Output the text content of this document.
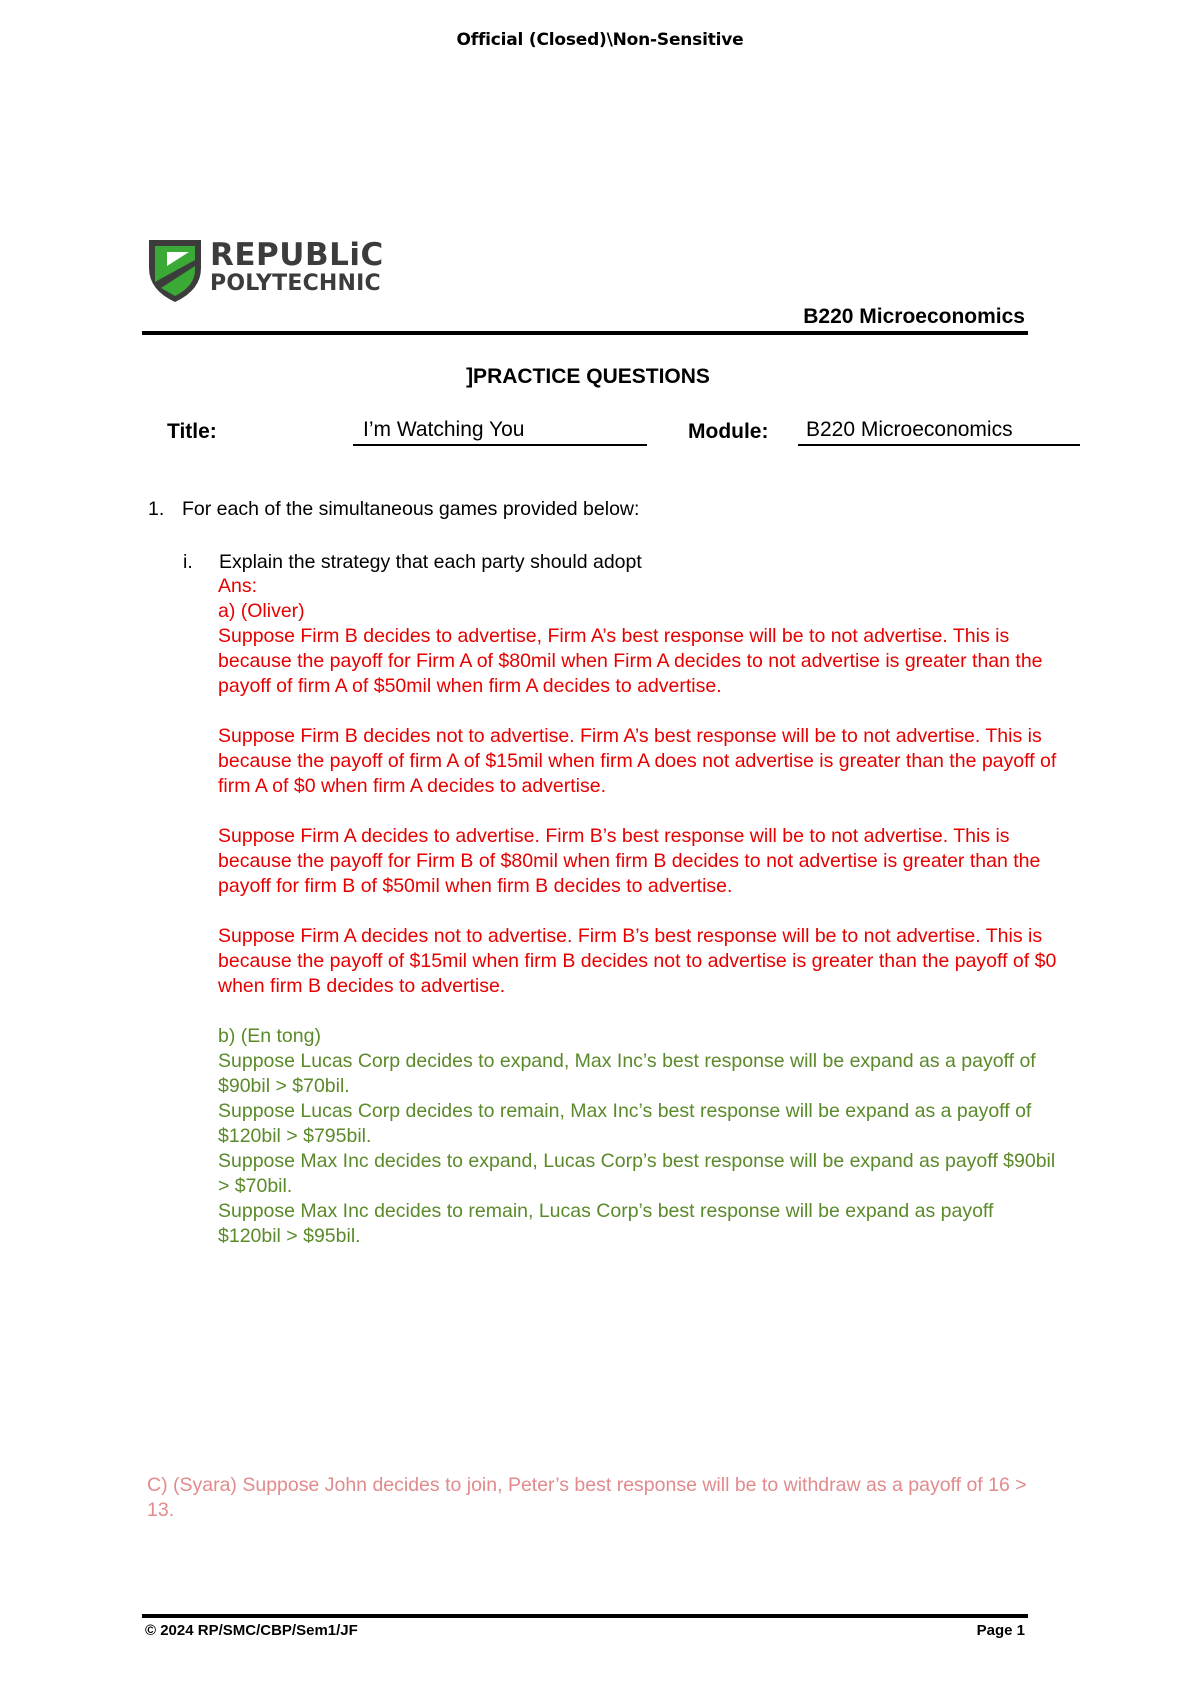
Official (Closed)\Non-Sensitive
REPUBLiC
POLYTECHNIC
B220 Microeconomics
]PRACTICE QUESTIONS
Title:	I’m Watching You	Module:	B220 Microeconomics
1. For each of the simultaneous games provided below:
i. Explain the strategy that each party should adopt

Ans:

a) (Oliver)

Suppose Firm B decides to advertise, Firm A’s best response will be to not advertise. This is because the payoff for Firm A of $80mil when Firm A decides to not advertise is greater than the payoff of firm A of $50mil when firm A decides to advertise.

Suppose Firm B decides not to advertise. Firm A’s best response will be to not advertise. This is because the payoff of firm A of $15mil when firm A does not advertise is greater than the payoff of firm A of $0 when firm A decides to advertise.

Suppose Firm A decides to advertise. Firm B’s best response will be to not advertise. This is because the payoff for Firm B of $80mil when firm B decides to not advertise is greater than the payoff for firm B of $50mil when firm B decides to advertise.

Suppose Firm A decides not to advertise. Firm B’s best response will be to not advertise. This is because the payoff of $15mil when firm B decides not to advertise is greater than the payoff of $0 when firm B decides to advertise.

b) (En tong)

Suppose Lucas Corp decides to expand, Max Inc’s best response will be expand as a payoff of $90bil > $70bil.

Suppose Lucas Corp decides to remain, Max Inc’s best response will be expand as a payoff of $120bil > $795bil.

Suppose Max Inc decides to expand, Lucas Corp’s best response will be expand as payoff $90bil > $70bil.

Suppose Max Inc decides to remain, Lucas Corp’s best response will be expand as payoff $120bil > $95bil.

C) (Syara) Suppose John decides to join, Peter’s best response will be to withdraw as a payoff of 16 > 13.
© 2024 RP/SMC/CBP/Sem1/JF	Page 1
